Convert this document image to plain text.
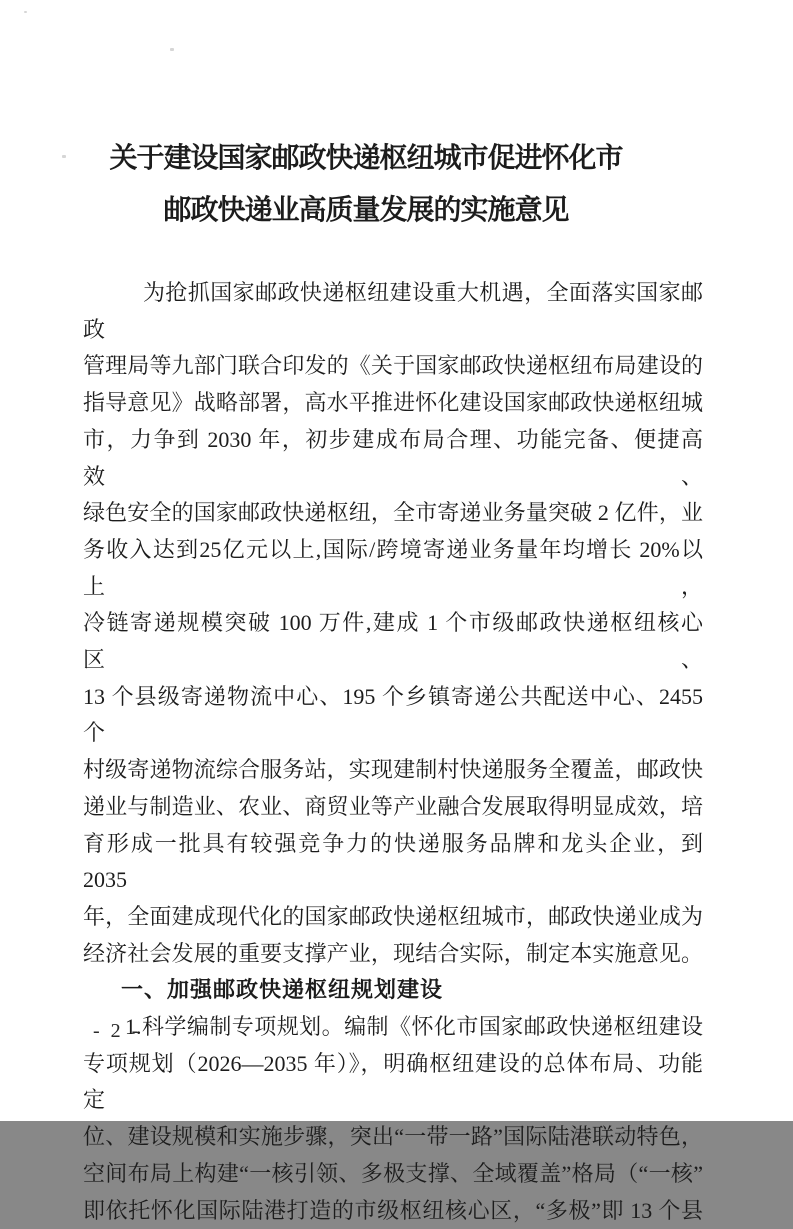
关于建设国家邮政快递枢纽城市促进怀化市
邮政快递业高质量发展的实施意见
为抢抓国家邮政快递枢纽建设重大机遇，全面落实国家邮政
管理局等九部门联合印发的《关于国家邮政快递枢纽布局建设的
指导意见》战略部署，高水平推进怀化建设国家邮政快递枢纽城
市，力争到 2030 年，初步建成布局合理、功能完备、便捷高效、
绿色安全的国家邮政快递枢纽，全市寄递业务量突破 2 亿件，业
务收入达到25亿元以上,国际/跨境寄递业务量年均增长 20%以上，
冷链寄递规模突破 100 万件,建成 1 个市级邮政快递枢纽核心区、
13 个县级寄递物流中心、195 个乡镇寄递公共配送中心、2455 个
村级寄递物流综合服务站，实现建制村快递服务全覆盖，邮政快
递业与制造业、农业、商贸业等产业融合发展取得明显成效，培
育形成一批具有较强竞争力的快递服务品牌和龙头企业，到 2035
年，全面建成现代化的国家邮政快递枢纽城市，邮政快递业成为
经济社会发展的重要支撑产业，现结合实际，制定本实施意见。
一、加强邮政快递枢纽规划建设
1.科学编制专项规划。编制《怀化市国家邮政快递枢纽建设
专项规划（2026—2035 年）》，明确枢纽建设的总体布局、功能定
位、建设规模和实施步骤，突出“一带一路”国际陆港联动特色，
空间布局上构建“一核引领、多极支撑、全域覆盖”格局（“一核”
即依托怀化国际陆港打造的市级枢纽核心区，“多极”即 13 个县
- 2 -
